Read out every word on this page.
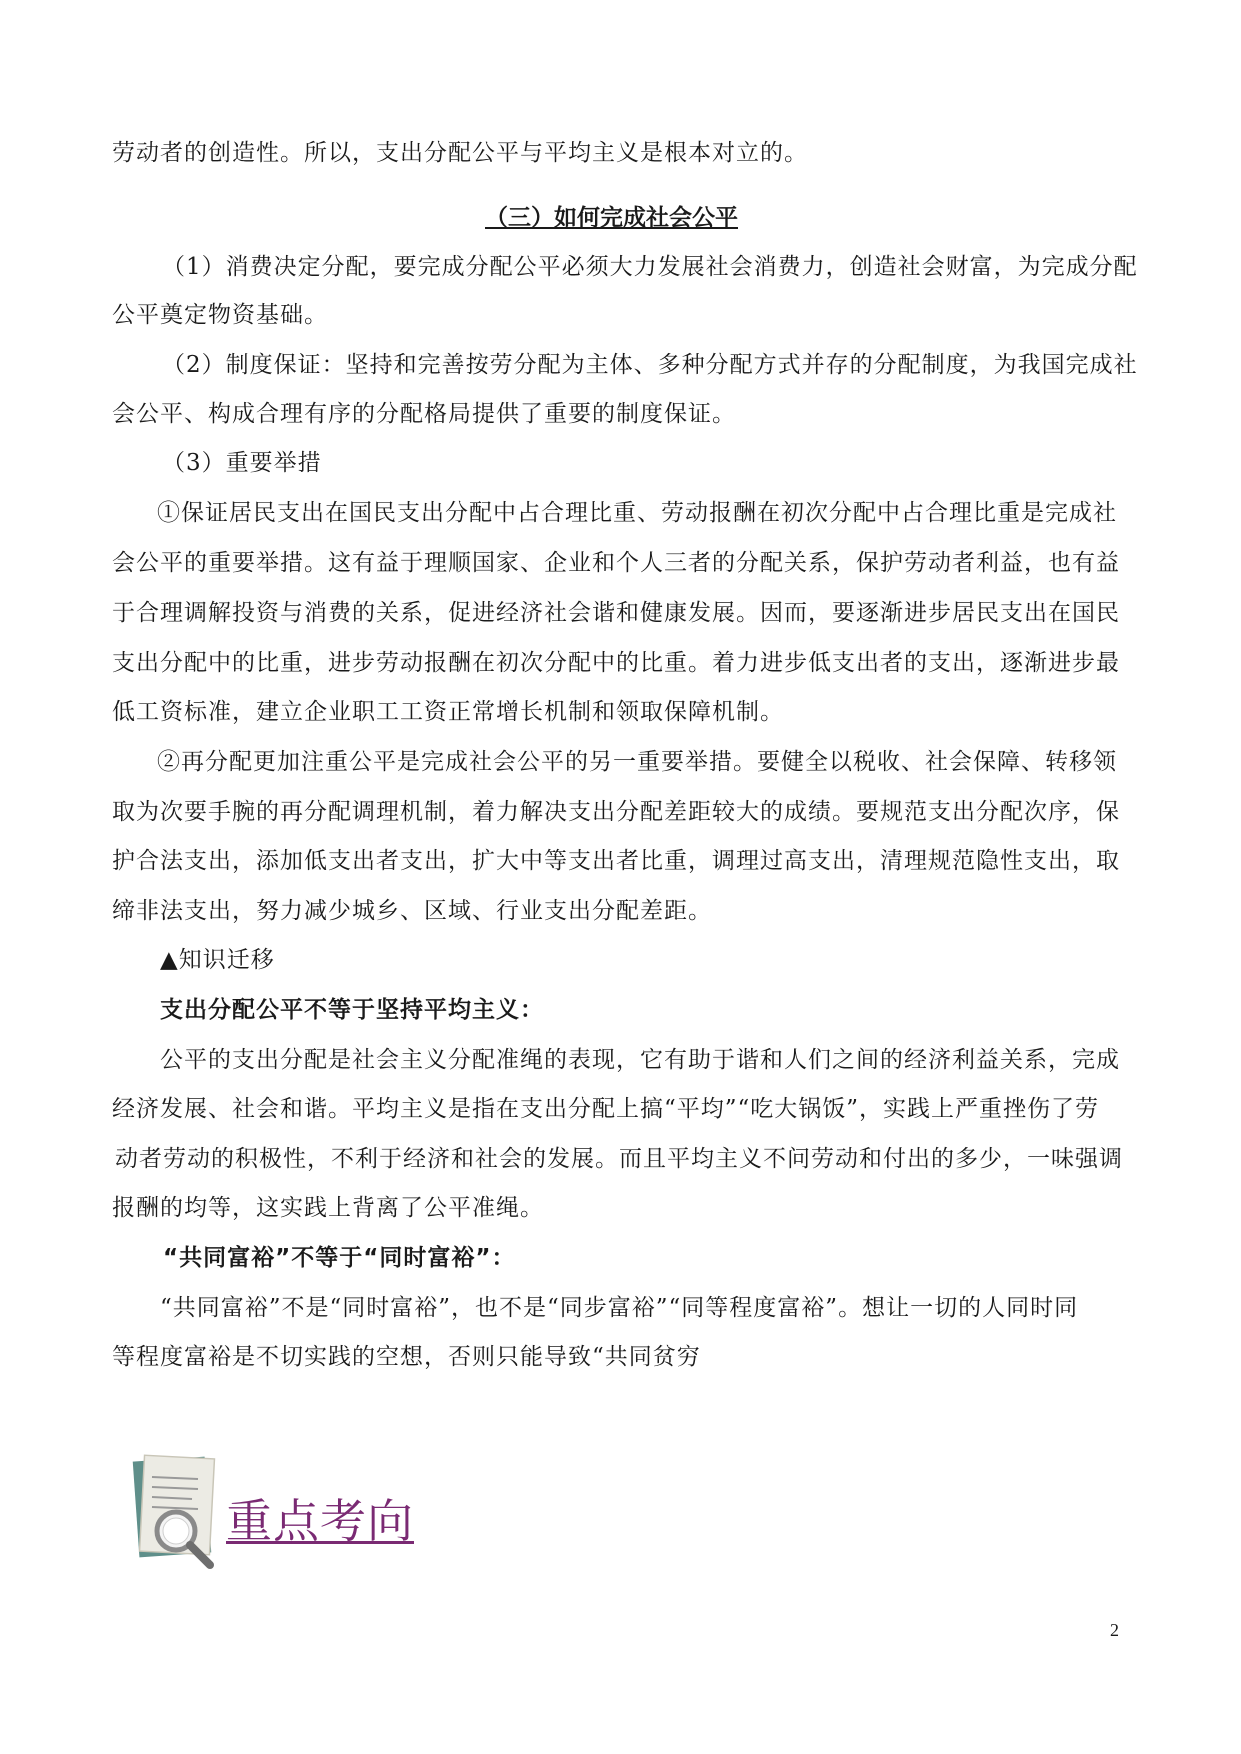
劳动者的创造性。所以，支出分配公平与平均主义是根本对立的。
（三）如何完成社会公平
（1）消费决定分配，要完成分配公平必须大力发展社会消费力，创造社会财富，为完成分配
公平奠定物资基础。
（2）制度保证：坚持和完善按劳分配为主体、多种分配方式并存的分配制度，为我国完成社
会公平、构成合理有序的分配格局提供了重要的制度保证。
（3）重要举措
①保证居民支出在国民支出分配中占合理比重、劳动报酬在初次分配中占合理比重是完成社
会公平的重要举措。这有益于理顺国家、企业和个人三者的分配关系，保护劳动者利益，也有益
于合理调解投资与消费的关系，促进经济社会谐和健康发展。因而，要逐渐进步居民支出在国民
支出分配中的比重，进步劳动报酬在初次分配中的比重。着力进步低支出者的支出，逐渐进步最
低工资标准，建立企业职工工资正常增长机制和领取保障机制。
②再分配更加注重公平是完成社会公平的另一重要举措。要健全以税收、社会保障、转移领
取为次要手腕的再分配调理机制，着力解决支出分配差距较大的成绩。要规范支出分配次序，保
护合法支出，添加低支出者支出，扩大中等支出者比重，调理过高支出，清理规范隐性支出，取
缔非法支出，努力减少城乡、区域、行业支出分配差距。
▲知识迁移
支出分配公平不等于坚持平均主义：
公平的支出分配是社会主义分配准绳的表现，它有助于谐和人们之间的经济利益关系，完成
经济发展、社会和谐。平均主义是指在支出分配上搞“平均”“吃大锅饭”，实践上严重挫伤了劳
动者劳动的积极性，不利于经济和社会的发展。而且平均主义不问劳动和付出的多少，一味强调
报酬的均等，这实践上背离了公平准绳。
“共同富裕”不等于“同时富裕”：
“共同富裕”不是“同时富裕”，也不是“同步富裕”“同等程度富裕”。想让一切的人同时同
等程度富裕是不切实践的空想，否则只能导致“共同贫穷
重点考向
2
